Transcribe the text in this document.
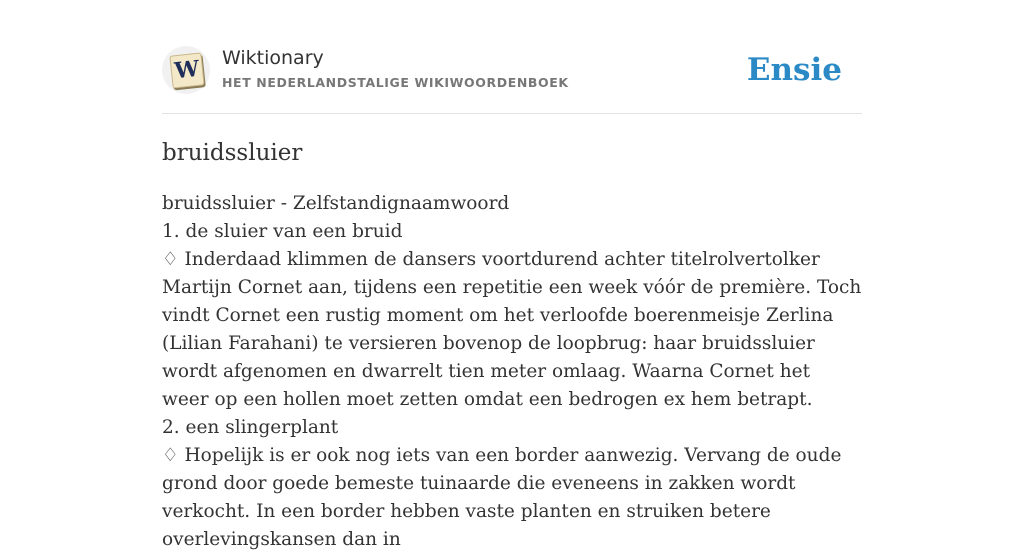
W Wiktionary
HET NEDERLANDSTALIGE WIKIWOORDENBOEK	Ensie
bruidssluier
bruidssluier - Zelfstandignaamwoord
1. de sluier van een bruid
♢ Inderdaad klimmen de dansers voortdurend achter titelrolvertolker Martijn Cornet aan, tijdens een repetitie een week vóór de première. Toch vindt Cornet een rustig moment om het verloofde boerenmeisje Zerlina (Lilian Farahani) te versieren bovenop de loopbrug: haar bruidssluier wordt afgenomen en dwarrelt tien meter omlaag. Waarna Cornet het weer op een hollen moet zetten omdat een bedrogen ex hem betrapt.
2. een slingerplant
♢ Hopelijk is er ook nog iets van een border aanwezig. Vervang de oude grond door goede bemeste tuinaarde die eveneens in zakken wordt verkocht. In een border hebben vaste planten en struiken betere overlevingskansen dan in
